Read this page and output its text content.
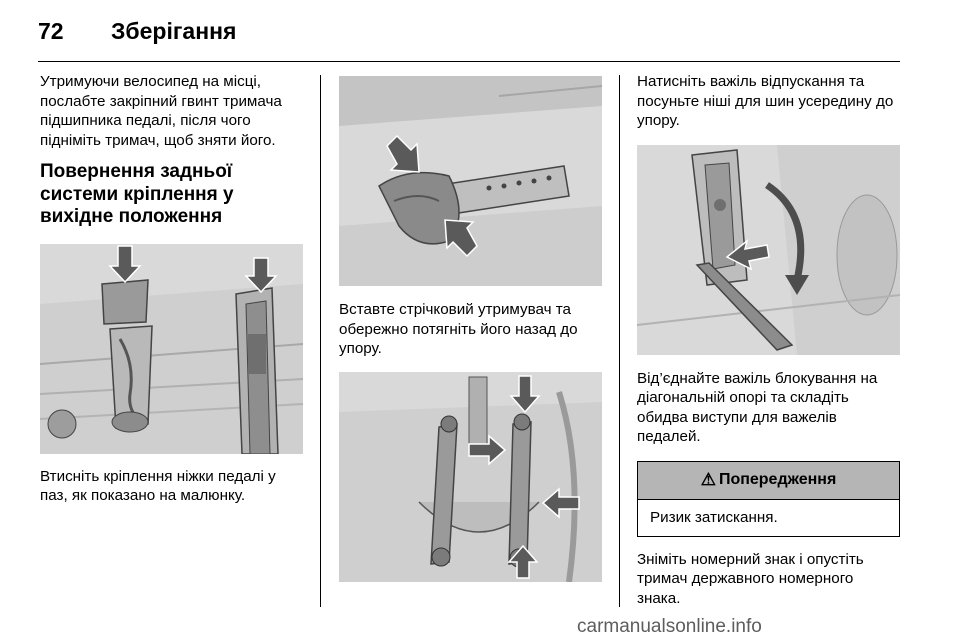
72 Зберігання

Утримуючи велосипед на місці, послабте закріпний гвинт тримача підшипника педалі, після чого підніміть тримач, щоб зняти його.

Повернення задньої системи кріплення у вихідне положення

Втисніть кріплення ніжки педалі у паз, як показано на малюнку.

Вставте стрічковий утримувач та обережно потягніть його назад до упору.

Натисніть важіль відпускання та посуньте ніші для шин усередину до упору.

Від’єднайте важіль блокування на діагональній опорі та складіть обидва виступи для важелів педалей.

⚠ Попередження
Ризик затискання.

Зніміть номерний знак і опустіть тримач державного номерного знака.

carmanualsonline.info
